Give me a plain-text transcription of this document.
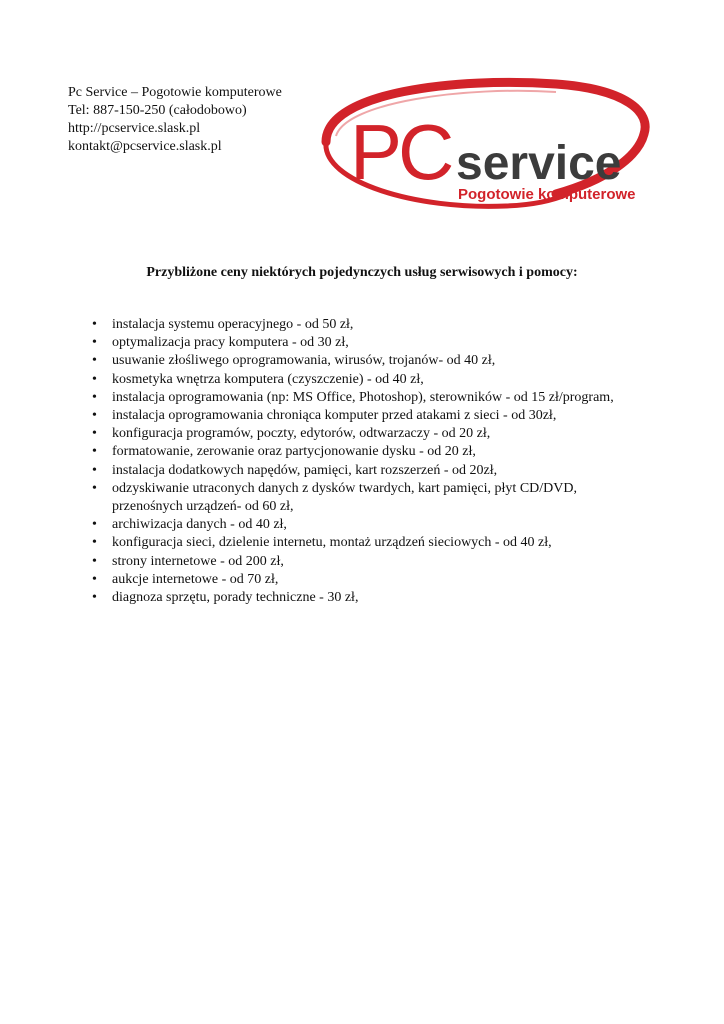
Pc Service – Pogotowie komputerowe
Tel: 887-150-250 (całodobowo)
http://pcservice.slask.pl
kontakt@pcservice.slask.pl	PC service
Pogotowie komputerowe
Przybliżone ceny niektórych pojedynczych usług serwisowych i pomocy:
• instalacja systemu operacyjnego - od 50 zł,
• optymalizacja pracy komputera - od 30 zł,
• usuwanie złośliwego oprogramowania, wirusów, trojanów- od 40 zł,
• kosmetyka wnętrza komputera (czyszczenie) - od 40 zł,
• instalacja oprogramowania (np: MS Office, Photoshop), sterowników - od 15 zł/program,
• instalacja oprogramowania chroniąca komputer przed atakami z sieci - od 30zł,
• konfiguracja programów, poczty, edytorów, odtwarzaczy - od 20 zł,
• formatowanie, zerowanie oraz partycjonowanie dysku - od 20 zł,
• instalacja dodatkowych napędów, pamięci, kart rozszerzeń - od 20zł,
• odzyskiwanie utraconych danych z dysków twardych, kart pamięci, płyt CD/DVD,
przenośnych urządzeń- od 60 zł,
• archiwizacja danych - od 40 zł,
• konfiguracja sieci, dzielenie internetu, montaż urządzeń sieciowych - od 40 zł,
• strony internetowe - od 200 zł,
• aukcje internetowe - od 70 zł,
• diagnoza sprzętu, porady techniczne - 30 zł,
